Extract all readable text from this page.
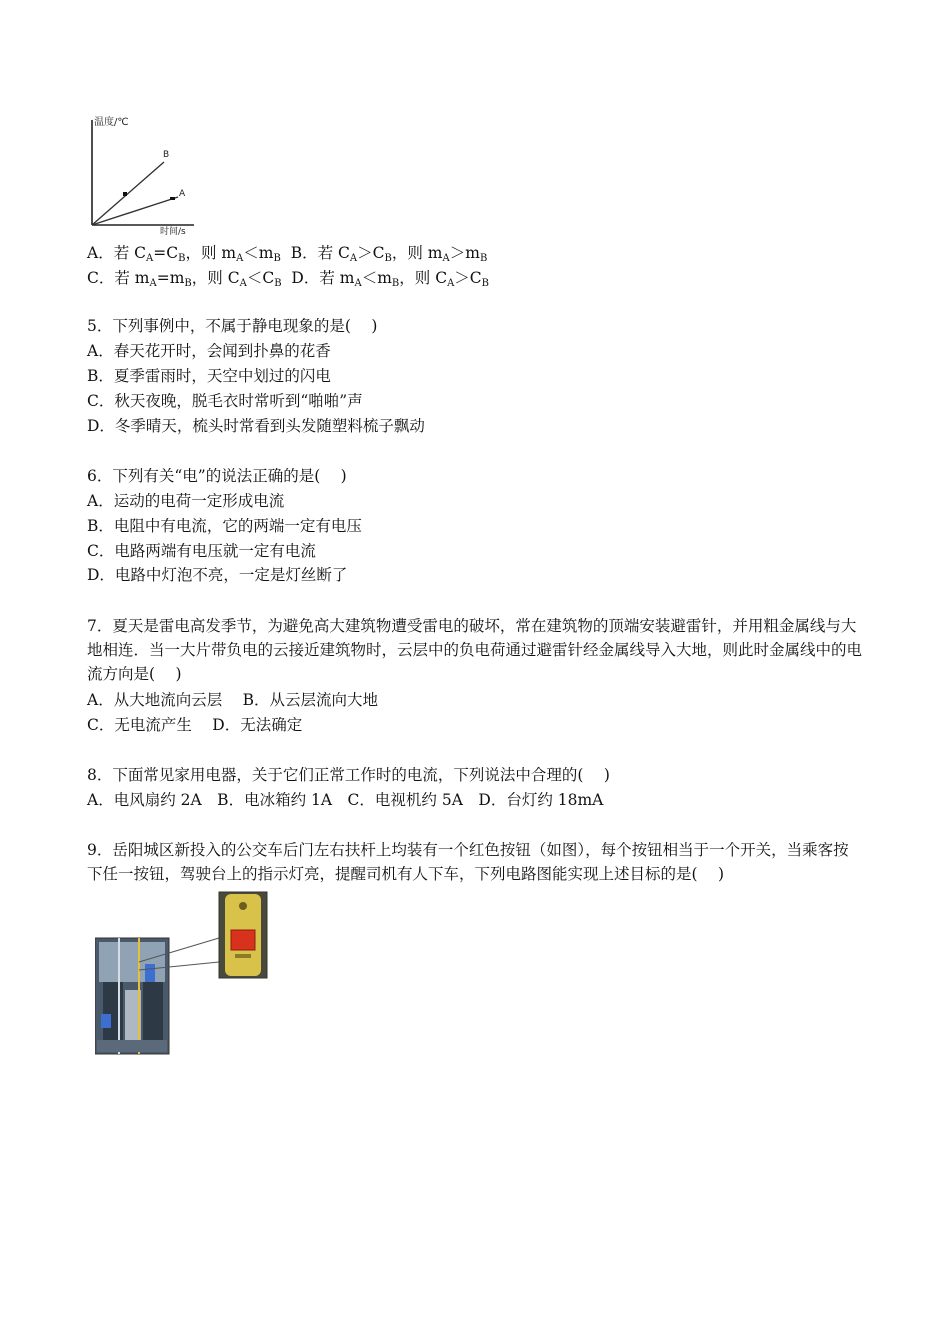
温度/℃
时间/s
B
A
A．若 $C_A=C_B$，则 $m_A<m_B$ B．若 $C_A>C_B$，则 $m_A>m_B$
C．若 $m_A=m_B$，则 $C_A<C_B$ D．若 $m_A<m_B$，则 $C_A>C_B$
5．下列事例中，不属于静电现象的是(　 )
A．春天花开时，会闻到扑鼻的花香
B．夏季雷雨时，天空中划过的闪电
C．秋天夜晚，脱毛衣时常听到“啪啪”声
D．冬季晴天，梳头时常看到头发随塑料梳子飘动
6．下列有关“电”的说法正确的是(　 )
A．运动的电荷一定形成电流
B．电阻中有电流，它的两端一定有电压
C．电路两端有电压就一定有电流
D．电路中灯泡不亮，一定是灯丝断了
7．夏天是雷电高发季节，为避免高大建筑物遭受雷电的破坏，常在建筑物的顶端安装避雷针，并用粗金属线与大地相连．当一大片带负电的云接近建筑物时，云层中的负电荷通过避雷针经金属线导入大地，则此时金属线中的电流方向是(　 )
A．从大地流向云层　 B．从云层流向大地
C．无电流产生　 D．无法确定
8．下面常见家用电器，关于它们正常工作时的电流，下列说法中合理的(　 )
A．电风扇约 2A　B．电冰箱约 1A　C．电视机约 5A　D．台灯约 18mA
9．岳阳城区新投入的公交车后门左右扶杆上均装有一个红色按钮（如图），每个按钮相当于一个开关，当乘客按下任一按钮，驾驶台上的指示灯亮，提醒司机有人下车，下列电路图能实现上述目标的是(　 )
